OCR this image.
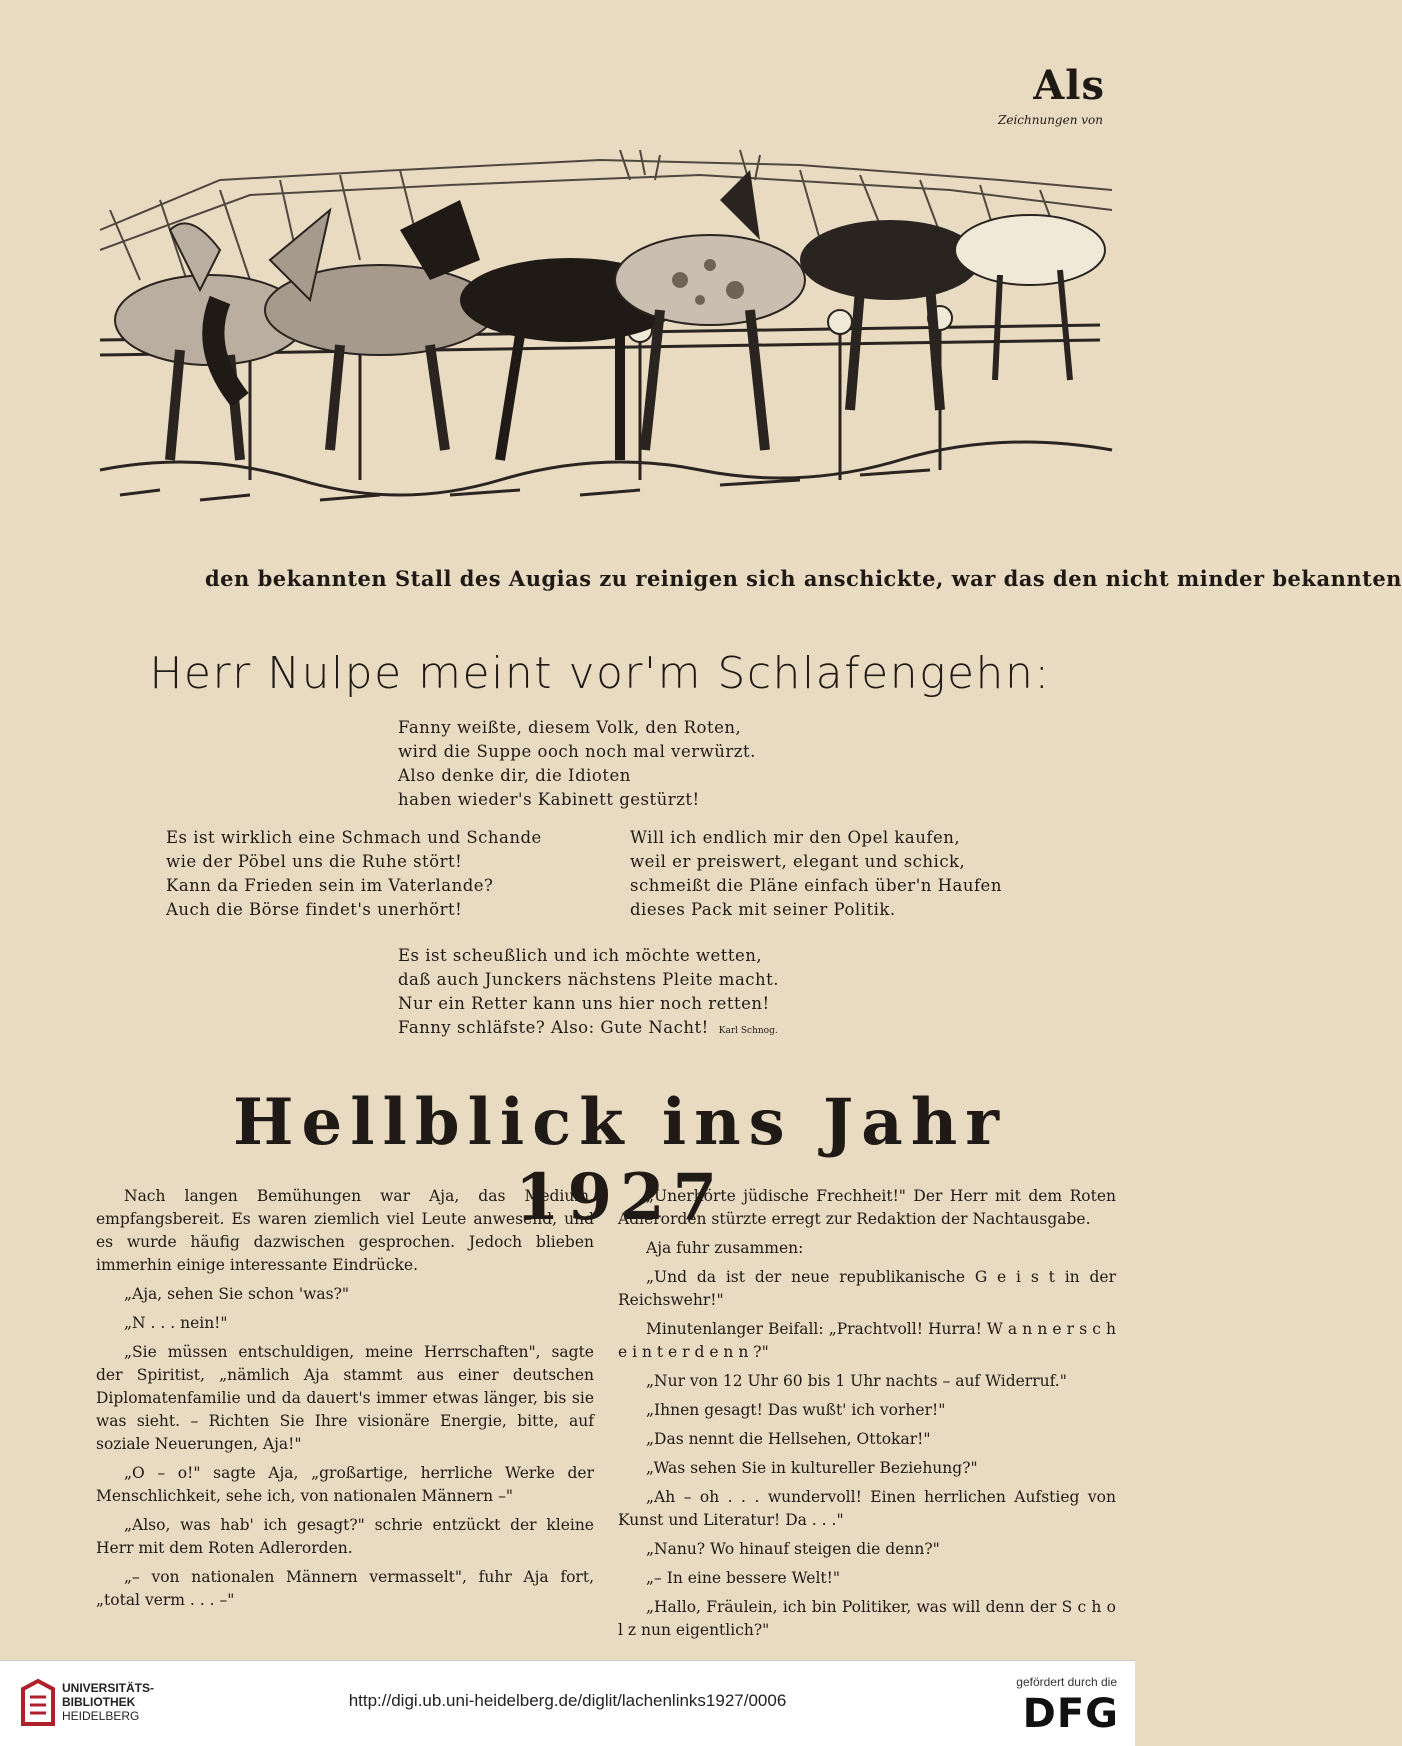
Als
Zeichnungen von
den bekannten Stall des Augias zu reinigen sich anschickte, war das den nicht minder bekannten
Herr Nulpe meint vor'm Schlafengehn:
Fanny weißte, diesem Volk, den Roten,
wird die Suppe ooch noch mal verwürzt.
Also denke dir, die Idioten
haben wieder's Kabinett gestürzt!
Es ist wirklich eine Schmach und Schande
wie der Pöbel uns die Ruhe stört!
Kann da Frieden sein im Vaterlande?
Auch die Börse findet's unerhört!
Will ich endlich mir den Opel kaufen,
weil er preiswert, elegant und schick,
schmeißt die Pläne einfach über'n Haufen
dieses Pack mit seiner Politik.
Es ist scheußlich und ich möchte wetten,
daß auch Junckers nächstens Pleite macht.
Nur ein Retter kann uns hier noch retten!
Fanny schläfste? Also: Gute Nacht! Karl Schnog.
Hellblick ins Jahr 1927

Nach langen Bemühungen war Aja, das Medium, empfangsbereit. Es waren ziemlich viel Leute anwesend, und es wurde häufig dazwischen gesprochen. Jedoch blieben immerhin einige interessante Eindrücke.

„Aja, sehen Sie schon 'was?"

„N . . . nein!"

„Sie müssen entschuldigen, meine Herrschaften", sagte der Spiritist, „nämlich Aja stammt aus einer deutschen Diplomatenfamilie und da dauert's immer etwas länger, bis sie was sieht. – Richten Sie Ihre visionäre Energie, bitte, auf soziale Neuerungen, Aja!"

„O – o!" sagte Aja, „großartige, herrliche Werke der Menschlichkeit, sehe ich, von nationalen Männern –"

„Also, was hab' ich gesagt?" schrie entzückt der kleine Herr mit dem Roten Adlerorden.

„– von nationalen Männern vermasselt", fuhr Aja fort, „total verm . . . –"

„Unerhörte jüdische Frechheit!" Der Herr mit dem Roten Adlerorden stürzte erregt zur Redaktion der Nachtausgabe.

Aja fuhr zusammen:

„Und da ist der neue republikanische G e i s t in der Reichswehr!"

Minutenlanger Beifall: „Prachtvoll! Hurra! W a n n e r s c h e i n t e r d e n n ?"

„Nur von 12 Uhr 60 bis 1 Uhr nachts – auf Widerruf."

„Ihnen gesagt! Das wußt' ich vorher!"

„Das nennt die Hellsehen, Ottokar!"

„Was sehen Sie in kultureller Beziehung?"

„Ah – oh . . . wundervoll! Einen herrlichen Aufstieg von Kunst und Literatur! Da . . ."

„Nanu? Wo hinauf steigen die denn?"

„– In eine bessere Welt!"

„Hallo, Fräulein, ich bin Politiker, was will denn der S c h o l z nun eigentlich?"

UNIVERSITÄTS-
BIBLIOTHEK
HEIDELBERG
http://digi.ub.uni-heidelberg.de/diglit/lachenlinks1927/0006
gefördert durch die
DFG
